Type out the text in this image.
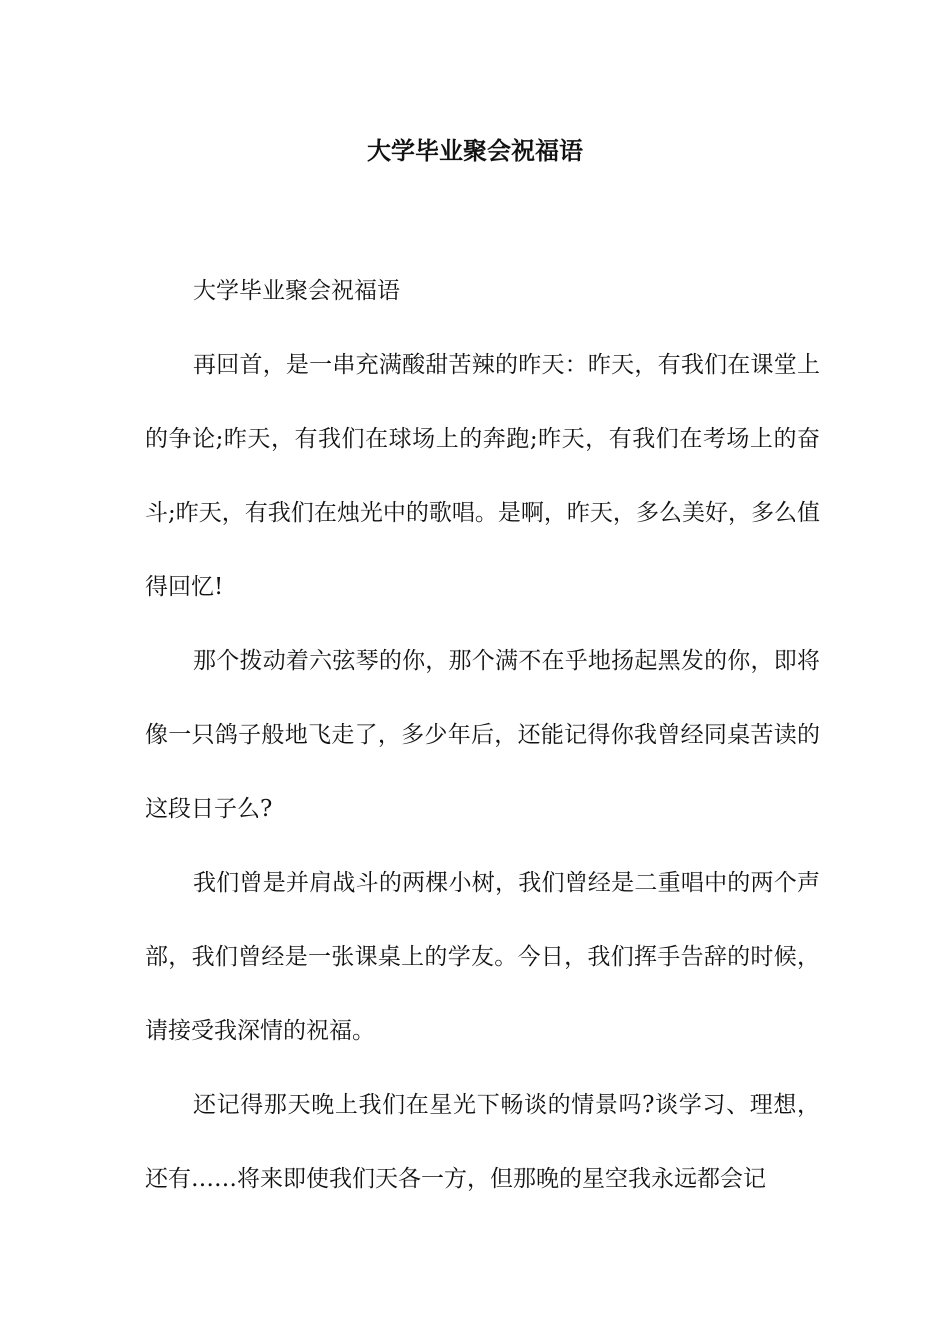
大学毕业聚会祝福语

大学毕业聚会祝福语

再回首，是一串充满酸甜苦辣的昨天：昨天，有我们在课堂上的争论;昨天，有我们在球场上的奔跑;昨天，有我们在考场上的奋斗;昨天，有我们在烛光中的歌唱。是啊，昨天，多么美好，多么值得回忆!

那个拨动着六弦琴的你，那个满不在乎地扬起黑发的你，即将像一只鸽子般地飞走了，多少年后，还能记得你我曾经同桌苦读的这段日子么?

我们曾是并肩战斗的两棵小树，我们曾经是二重唱中的两个声部，我们曾经是一张课桌上的学友。今日，我们挥手告辞的时候，请接受我深情的祝福。

还记得那天晚上我们在星光下畅谈的情景吗?谈学习、理想，还有……将来即使我们天各一方，但那晚的星空我永远都会记
